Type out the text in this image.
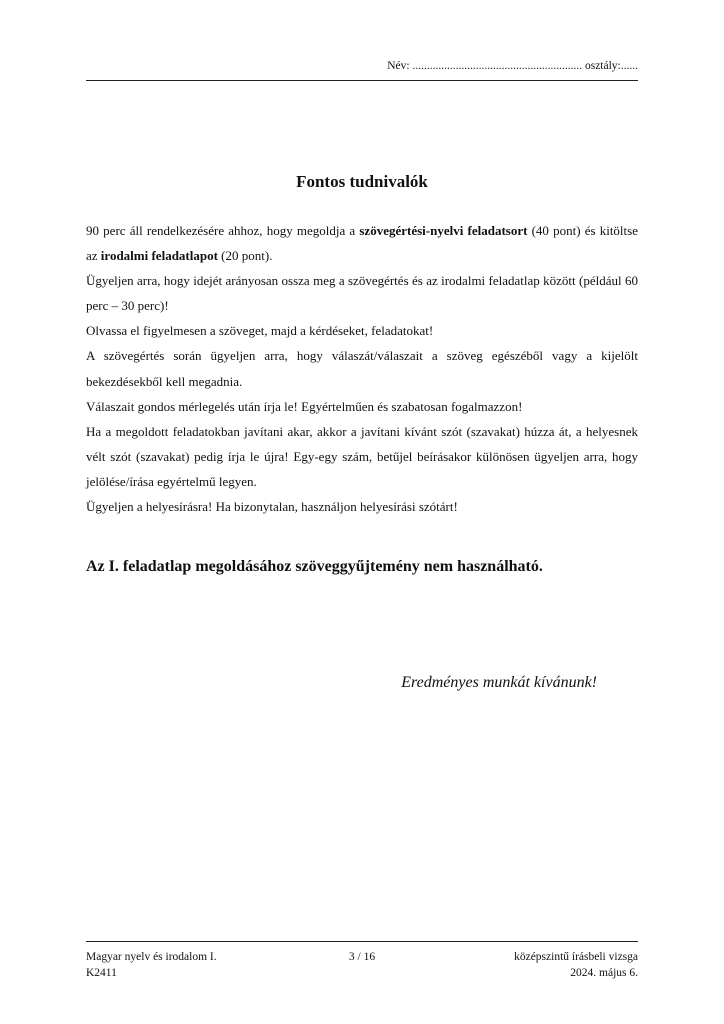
Név: ........................................................... osztály:......
Fontos tudnivalók

90 perc áll rendelkezésére ahhoz, hogy megoldja a szövegértési-nyelvi feladatsort (40 pont) és kitöltse az irodalmi feladatlapot (20 pont).

Ügyeljen arra, hogy idejét arányosan ossza meg a szövegértés és az irodalmi feladatlap között (például 60 perc – 30 perc)!

Olvassa el figyelmesen a szöveget, majd a kérdéseket, feladatokat!

A szövegértés során ügyeljen arra, hogy válaszát/válaszait a szöveg egészéből vagy a kijelölt bekezdésekből kell megadnia.

Válaszait gondos mérlegelés után írja le! Egyértelműen és szabatosan fogalmazzon!

Ha a megoldott feladatokban javítani akar, akkor a javítani kívánt szót (szavakat) húzza át, a helyesnek vélt szót (szavakat) pedig írja le újra! Egy-egy szám, betűjel beírásakor különösen ügyeljen arra, hogy jelölése/írása egyértelmű legyen.

Ügyeljen a helyesírásra! Ha bizonytalan, használjon helyesírási szótárt!

Az I. feladatlap megoldásához szöveggyűjtemény nem használható.
Eredményes munkát kívánunk!
Magyar nyelv és irodalom I.	3 / 16	középszintű írásbeli vizsga
K2411	2024. május 6.
